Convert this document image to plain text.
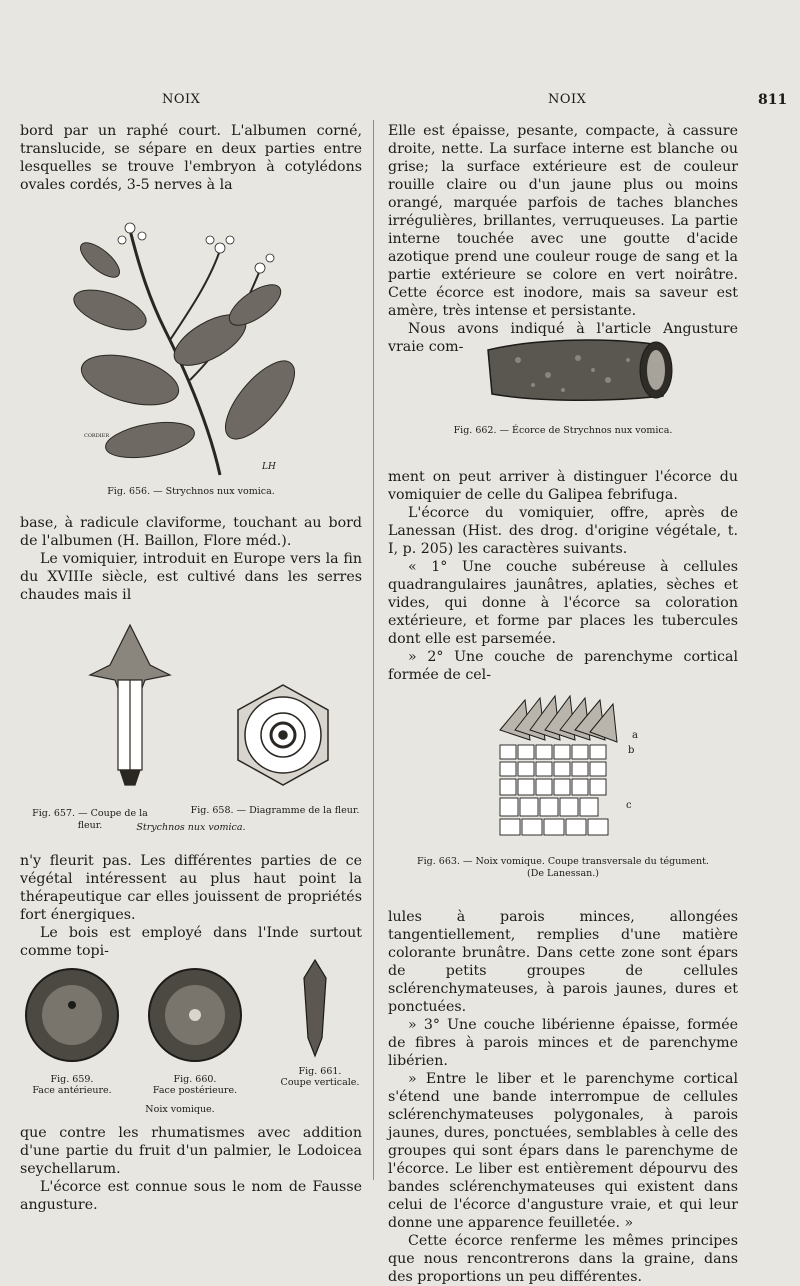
NOIX	NOIX	811

bord par un raphé court. L'albumen corné, translucide, se sépare en deux parties entre lesquelles se trouve l'embryon à cotylédons ovales cordés, 3-5 nerves à la

CORDIER
LH
Fig. 656. — Strychnos nux vomica.

base, à radicule claviforme, touchant au bord de l'albumen (H. Baillon, Flore méd.).

Le vomiquier, introduit en Europe vers la fin du XVIIIe siècle, est cultivé dans les serres chaudes mais il

Fig. 657. — Coupe de la fleur.
Fig. 658. — Diagramme de la fleur.
Strychnos nux vomica.

n'y fleurit pas. Les différentes parties de ce végétal intéressent au plus haut point la thérapeutique car elles jouissent de propriétés fort énergiques.

Le bois est employé dans l'Inde surtout comme topi-

Fig. 659.
Face antérieure.
Fig. 660.
Face postérieure.
Fig. 661.
Coupe verticale.
Noix vomique.

que contre les rhumatismes avec addition d'une partie du fruit d'un palmier, le Lodoicea seychellarum.

L'écorce est connue sous le nom de Fausse angusture.

Elle est épaisse, pesante, compacte, à cassure droite, nette. La surface interne est blanche ou grise; la surface extérieure est de couleur rouille claire ou d'un jaune plus ou moins orangé, marquée parfois de taches blanches irrégulières, brillantes, verruqueuses. La partie interne touchée avec une goutte d'acide azotique prend une couleur rouge de sang et la partie extérieure se colore en vert noirâtre. Cette écorce est inodore, mais sa saveur est amère, très intense et persistante.

Nous avons indiqué à l'article Angusture vraie com-

Fig. 662. — Écorce de Strychnos nux vomica.

ment on peut arriver à distinguer l'écorce du vomiquier de celle du Galipea febrifuga.

L'écorce du vomiquier, offre, après de Lanessan (Hist. des drog. d'origine végétale, t. I, p. 205) les caractères suivants.

« 1° Une couche subéreuse à cellules quadrangulaires jaunâtres, aplaties, sèches et vides, qui donne à l'écorce sa coloration extérieure, et forme par places les tubercules dont elle est parsemée.

» 2° Une couche de parenchyme cortical formée de cel-

a
b
c
Fig. 663. — Noix vomique. Coupe transversale du tégument.
(De Lanessan.)

lules à parois minces, allongées tangentiellement, remplies d'une matière colorante brunâtre. Dans cette zone sont épars de petits groupes de cellules sclérenchymateuses, à parois jaunes, dures et ponctuées.

» 3° Une couche libérienne épaisse, formée de fibres à parois minces et de parenchyme libérien.

» Entre le liber et le parenchyme cortical s'étend une bande interrompue de cellules sclérenchymateuses polygonales, à parois jaunes, dures, ponctuées, semblables à celle des groupes qui sont épars dans le parenchyme de l'écorce. Le liber est entièrement dépourvu des bandes sclérenchymateuses qui existent dans celui de l'écorce d'angusture vraie, et qui leur donne une apparence feuilletée. »

Cette écorce renferme les mêmes principes que nous rencontrerons dans la graine, dans des proportions un peu différentes.
